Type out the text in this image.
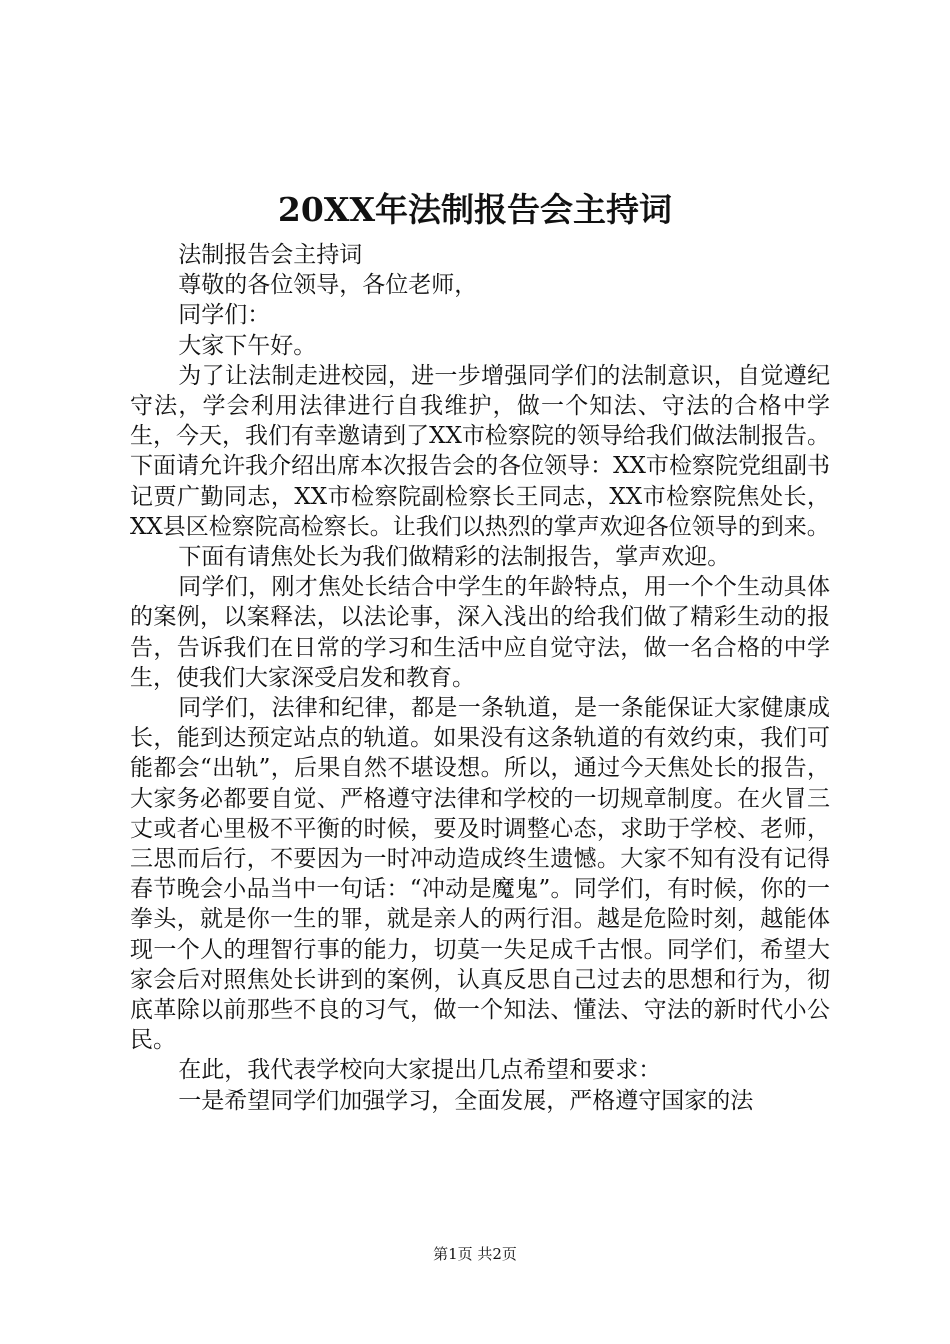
20XX年法制报告会主持词

法制报告会主持词

尊敬的各位领导，各位老师，

同学们：

大家下午好。

为了让法制走进校园，进一步增强同学们的法制意识，自觉遵纪守法，学会利用法律进行自我维护，做一个知法、守法的合格中学生，今天，我们有幸邀请到了XX市检察院的领导给我们做法制报告。下面请允许我介绍出席本次报告会的各位领导：XX市检察院党组副书记贾广勤同志，XX市检察院副检察长王同志，XX市检察院焦处长，XX县区检察院高检察长。让我们以热烈的掌声欢迎各位领导的到来。

下面有请焦处长为我们做精彩的法制报告，掌声欢迎。

同学们，刚才焦处长结合中学生的年龄特点，用一个个生动具体的案例，以案释法，以法论事，深入浅出的给我们做了精彩生动的报告，告诉我们在日常的学习和生活中应自觉守法，做一名合格的中学生，使我们大家深受启发和教育。

同学们，法律和纪律，都是一条轨道，是一条能保证大家健康成长，能到达预定站点的轨道。如果没有这条轨道的有效约束，我们可能都会“出轨”，后果自然不堪设想。所以，通过今天焦处长的报告，大家务必都要自觉、严格遵守法律和学校的一切规章制度。在火冒三丈或者心里极不平衡的时候，要及时调整心态，求助于学校、老师，三思而后行，不要因为一时冲动造成终生遗憾。大家不知有没有记得春节晚会小品当中一句话：“冲动是魔鬼”。同学们，有时候，你的一拳头，就是你一生的罪，就是亲人的两行泪。越是危险时刻，越能体现一个人的理智行事的能力，切莫一失足成千古恨。同学们，希望大家会后对照焦处长讲到的案例，认真反思自己过去的思想和行为，彻底革除以前那些不良的习气，做一个知法、懂法、守法的新时代小公民。

在此，我代表学校向大家提出几点希望和要求：

一是希望同学们加强学习，全面发展，严格遵守国家的法

第1页 共2页
